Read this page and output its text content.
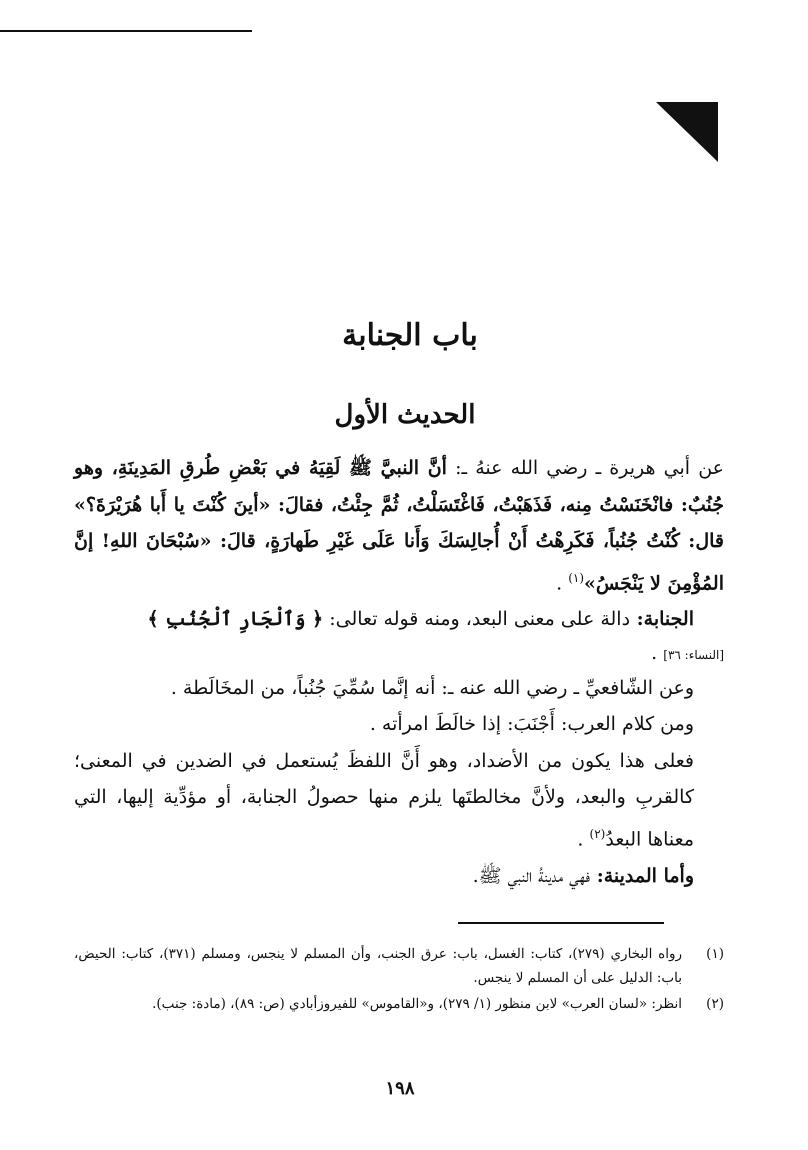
باب الجنابة
الحديث الأول

عن أبي هريرة ـ رضي الله عنهُ ـ: أنَّ النبيَّ ﷺ لَقِيَهُ في بَعْضِ طُرقِ المَدِينَةِ، وهو جُنُبٌ: فانْخَنَسْتُ مِنه، فَذَهَبْتُ، فَاغْتَسَلْتُ، ثُمَّ جِئْتُ، فقالَ: «أينَ كُنْتَ يا أَبا هُرَيْرَةَ؟» قال: كُنْتُ جُنُباً، فَكَرِهْتُ أَنْ أُجالِسَكَ وَأَنا عَلَى غَيْرِ طَهارَةٍ، قالَ: «سُبْحَانَ اللهِ! إنَّ المُؤْمِنَ لا يَنْجَسُ»$^{(١)}$ .

الجنابة: دالة على معنى البعد، ومنه قوله تعالى: ﴿ وَٱلْجَارِ ٱلْجُنُبِ ﴾

[النساء: ٣٦] .

وعن الشّافعيِّ ـ رضي الله عنه ـ: أنه إنَّما سُمِّيَ جُنُباً، من المخَالَطة .

ومن كلام العرب: أَجْنَبَ: إذا خالَطَ امرأته .

فعلى هذا يكون من الأضداد، وهو أَنَّ اللفظَ يُستعمل في الضدين في المعنى؛ كالقربِ والبعد، ولأنَّ مخالطتَها يلزم منها حصولُ الجنابة، أو مؤدِّية إليها، التي معناها البعدُ$^{(٢)}$ .

وأما المدينة: فهي مدينةُ النبي ﷺ.

(١)
رواه البخاري (٢٧٩)، كتاب: الغسل، باب: عرق الجنب، وأن المسلم لا ينجس، ومسلم (٣٧١)، كتاب: الحيض، باب: الدليل على أن المسلم لا ينجس.
(٢)
انظر: «لسان العرب» لابن منظور (١/ ٢٧٩)، و«القاموس» للفيروزأبادي (ص: ٨٩)، (مادة: جنب).
١٩٨
